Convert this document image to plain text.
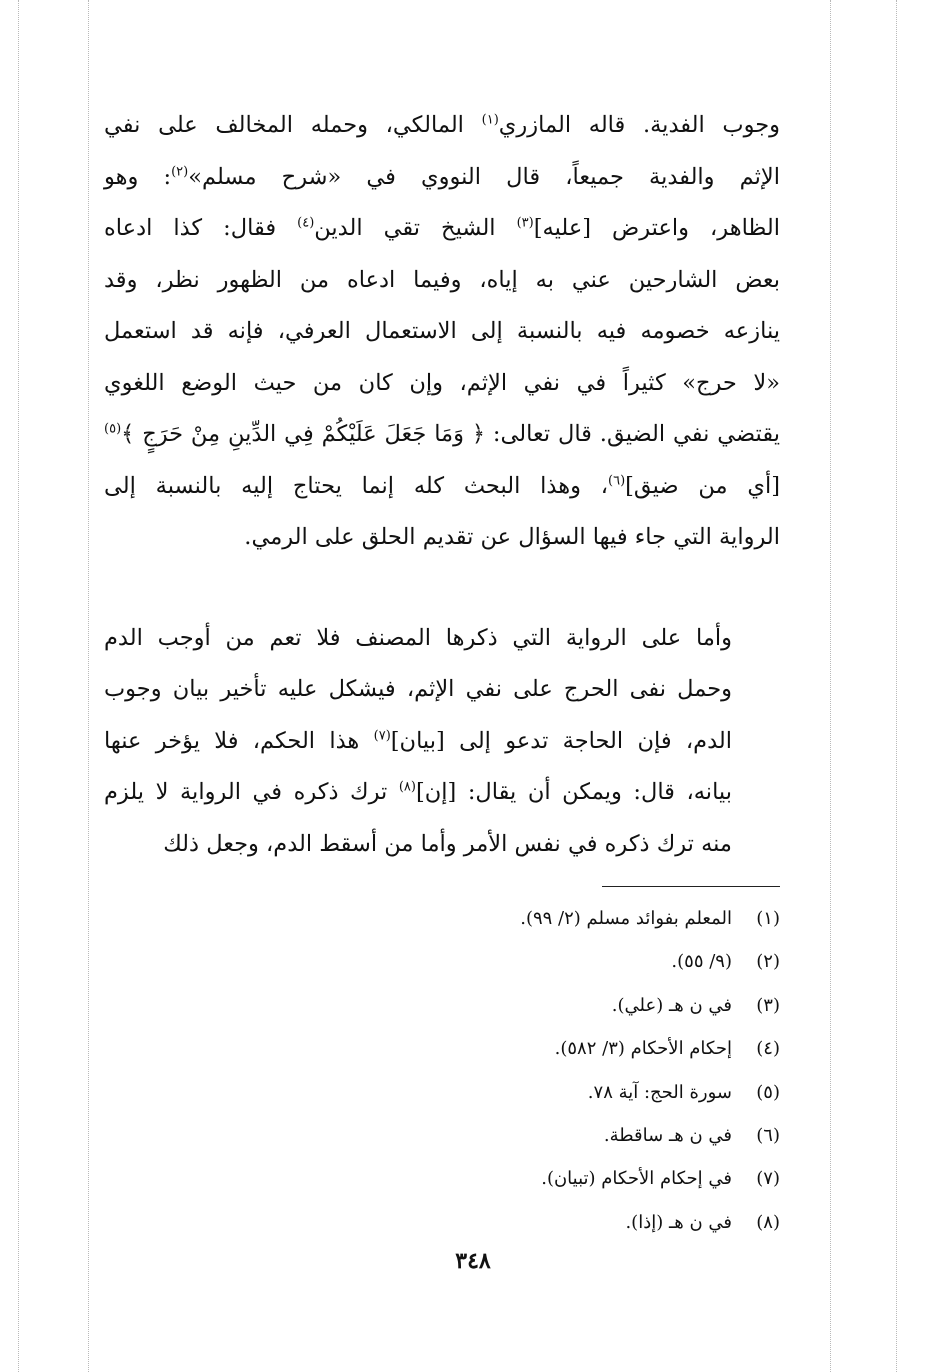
وجوب الفدية. قاله المازري$^{(١)}$ المالكي، وحمله المخالف على نفي
الإثم والفدية جميعاً، قال النووي في «شرح مسلم»$^{(٢)}$: وهو
الظاهر، واعترض [عليه]$^{(٣)}$ الشيخ تقي الدين$^{(٤)}$ فقال: كذا ادعاه
بعض الشارحين عني به إياه، وفيما ادعاه من الظهور نظر، وقد
ينازعه خصومه فيه بالنسبة إلى الاستعمال العرفي، فإنه قد استعمل
«لا حرج» كثيراً في نفي الإثم، وإن كان من حيث الوضع اللغوي
يقتضي نفي الضيق. قال تعالى: ﴿ وَمَا جَعَلَ عَلَيْكُمْ فِي الدِّينِ مِنْ حَرَجٍ ﴾$^{(٥)}$
[أي من ضيق]$^{(٦)}$، وهذا البحث كله إنما يحتاج إليه بالنسبة إلى
الرواية التي جاء فيها السؤال عن تقديم الحلق على الرمي.

وأما على الرواية التي ذكرها المصنف فلا تعم من أوجب الدم
وحمل نفى الحرج على نفي الإثم، فيشكل عليه تأخير بيان وجوب
الدم، فإن الحاجة تدعو إلى [بيان]$^{(٧)}$ هذا الحكم، فلا يؤخر عنها
بيانه، قال: ويمكن أن يقال: [إن]$^{(٨)}$ ترك ذكره في الرواية لا يلزم
منه ترك ذكره في نفس الأمر وأما من أسقط الدم، وجعل ذلك

(١)المعلم بفوائد مسلم (٢/ ٩٩).
(٢)(٩/ ٥٥).
(٣)في ن هـ (علي).
(٤)إحكام الأحكام (٣/ ٥٨٢).
(٥)سورة الحج: آية ٧٨.
(٦)في ن هـ ساقطة.
(٧)في إحكام الأحكام (تبيان).
(٨)في ن هـ (إذا).
٣٤٨
